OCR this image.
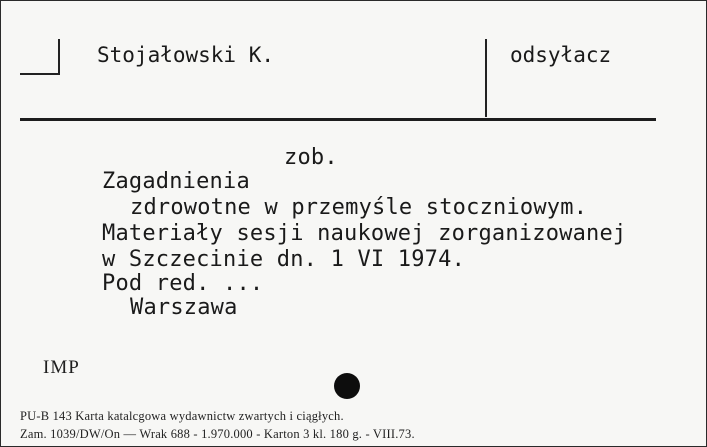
Stojałowski K.	odsyłacz
zob.
Zagadnienia
zdrowotne w przemyśle stoczniowym.
Materiały sesji naukowej zorganizowanej
w Szczecinie dn. 1 VI 1974.
Pod red. ...
Warszawa
IMP
PU-B 143 Karta katalcgowa wydawnictw zwartych i ciągłych.
Zam. 1039/DW/On — Wrak 688 - 1.970.000 - Karton 3 kl. 180 g. - VIII.73.
